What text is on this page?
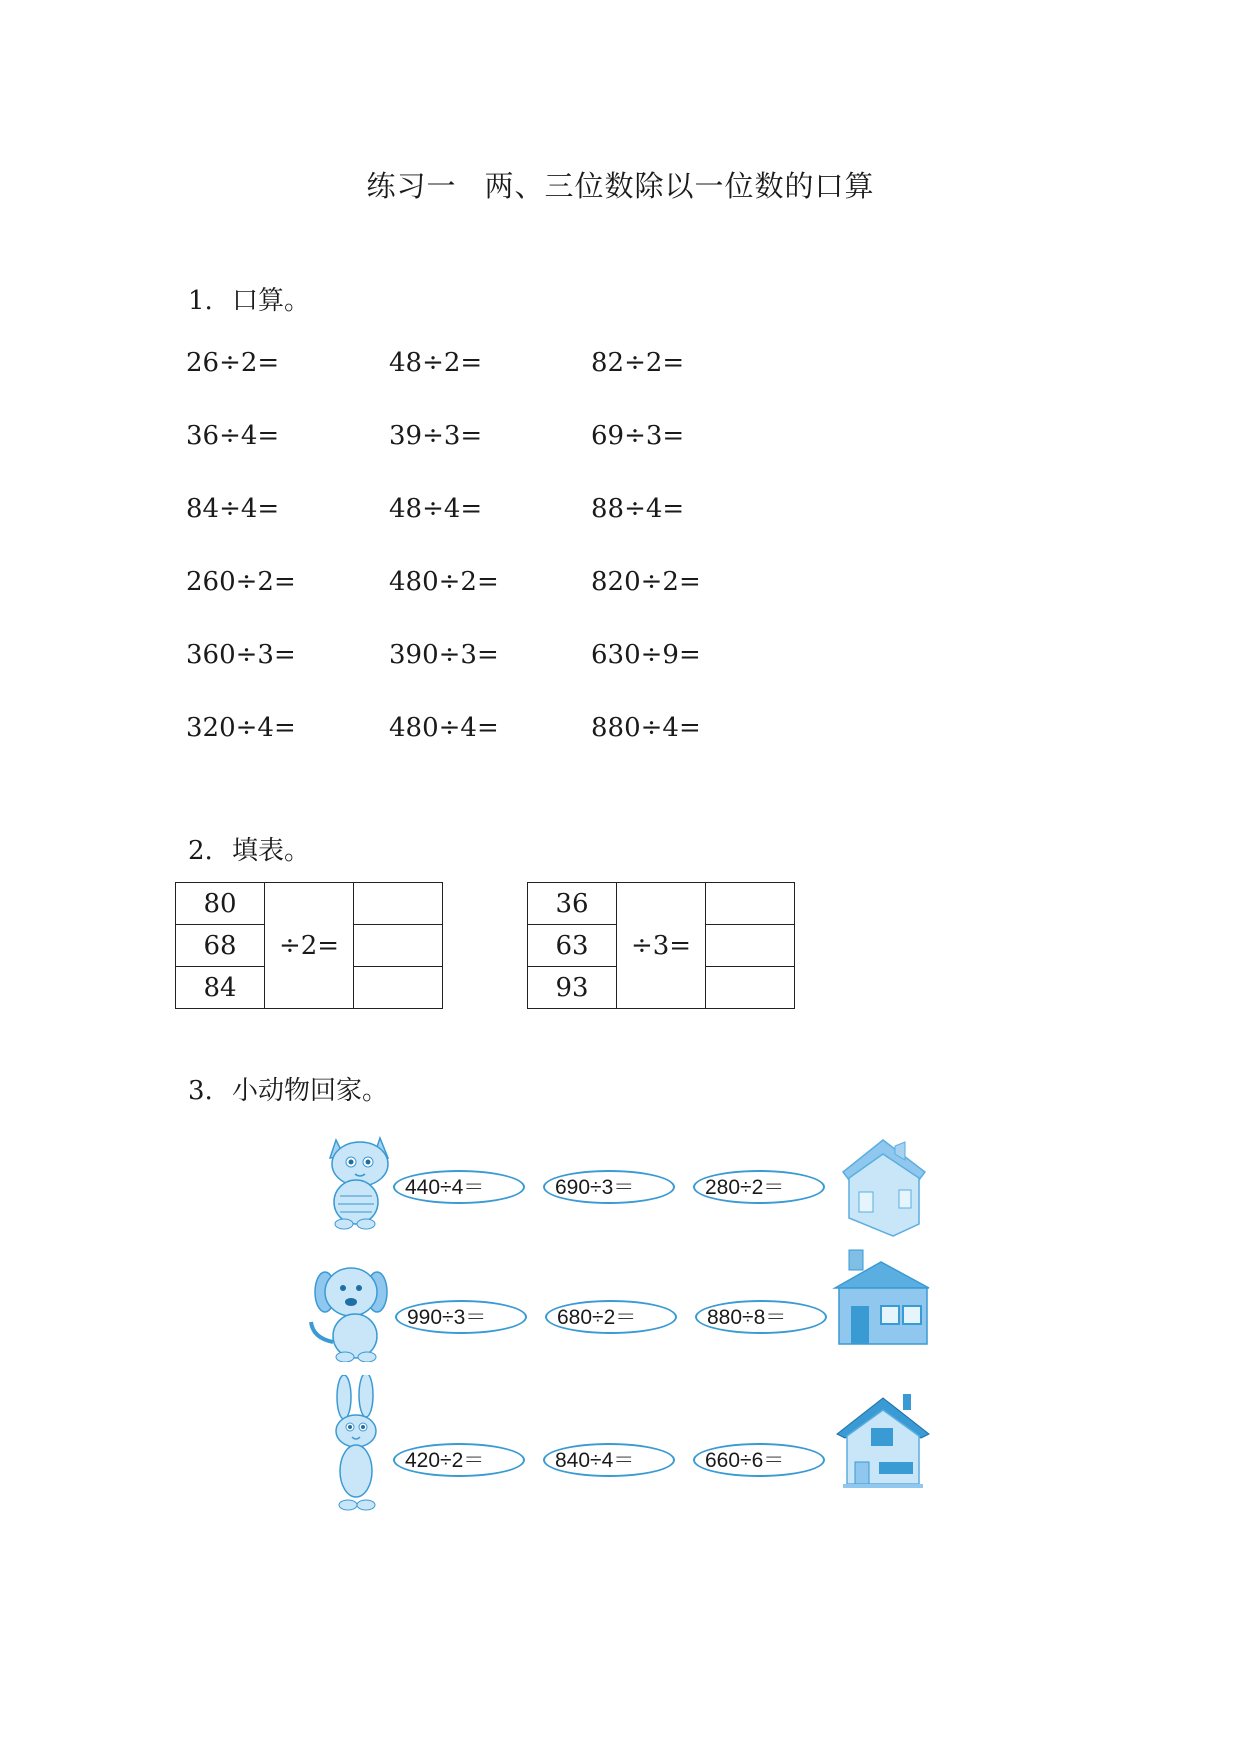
练习一 两、三位数除以一位数的口算
1. 口算。
26÷2=	48÷2=	82÷2=
36÷4=	39÷3=	69÷3=
84÷4=	48÷4=	88÷4=
260÷2=	480÷2=	820÷2=
360÷3=	390÷3=	630÷9=
320÷4=	480÷4=	880÷4=
2. 填表。
80	÷2=	
68		
84		
36	÷3=	
63		
93		
3. 小动物回家。
440÷4＝	690÷3＝	280÷2＝
990÷3＝	680÷2＝	880÷8＝
420÷2＝	840÷4＝	660÷6＝
